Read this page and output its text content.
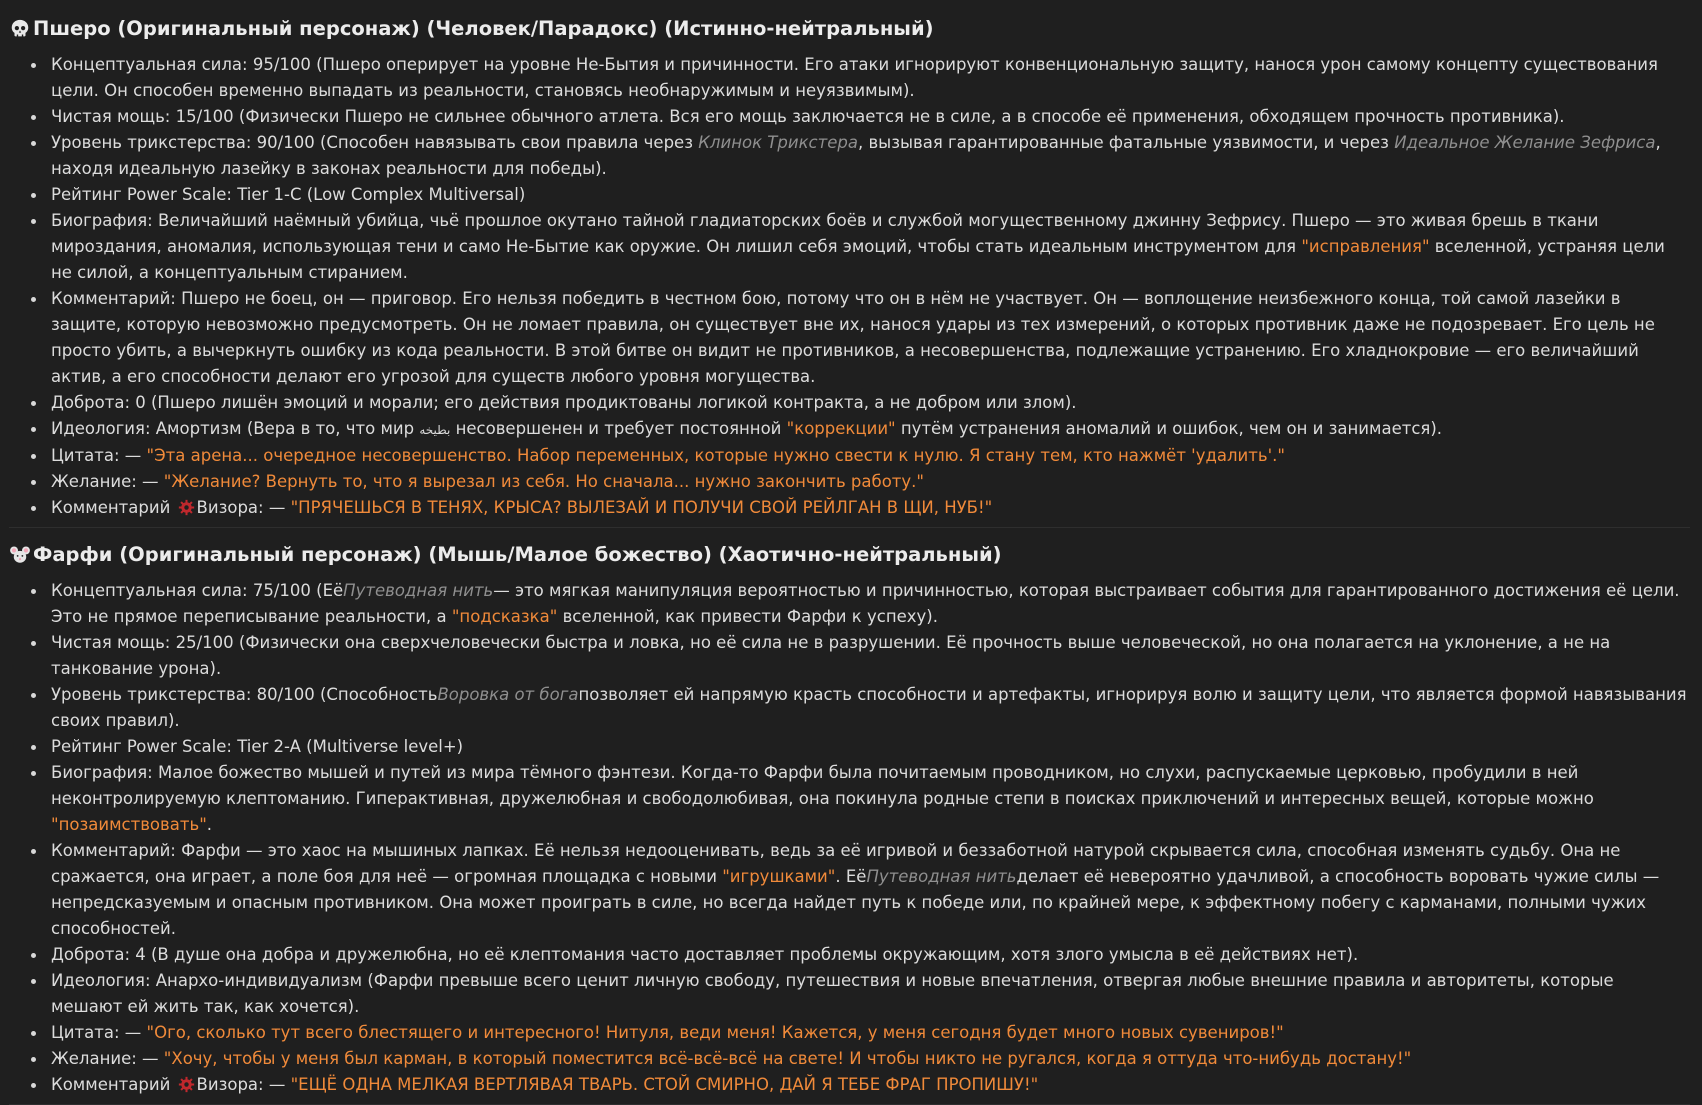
Пшеро (Оригинальный персонаж) (Человек/Парадокс) (Истинно-нейтральный)
Концептуальная сила: 95/100 (Пшеро оперирует на уровне Не-Бытия и причинности. Его атаки игнорируют конвенциональную защиту, нанося урон самому концепту существования цели. Он способен временно выпадать из реальности, становясь необнаружимым и неуязвимым).
Чистая мощь: 15/100 (Физически Пшеро не сильнее обычного атлета. Вся его мощь заключается не в силе, а в способе её применения, обходящем прочность противника).
Уровень трикстерства: 90/100 (Способен навязывать свои правила через Клинок Трикстера, вызывая гарантированные фатальные уязвимости, и через Идеальное Желание Зефриса, находя идеальную лазейку в законах реальности для победы).
Рейтинг Power Scale: Tier 1-C (Low Complex Multiversal)
Биография: Величайший наёмный убийца, чьё прошлое окутано тайной гладиаторских боёв и службой могущественному джинну Зефрису. Пшеро — это живая брешь в ткани мироздания, аномалия, использующая тени и само Не-Бытие как оружие. Он лишил себя эмоций, чтобы стать идеальным инструментом для "исправления" вселенной, устраняя цели не силой, а концептуальным стиранием.
Комментарий: Пшеро не боец, он — приговор. Его нельзя победить в честном бою, потому что он в нём не участвует. Он — воплощение неизбежного конца, той самой лазейки в защите, которую невозможно предусмотреть. Он не ломает правила, он существует вне их, нанося удары из тех измерений, о которых противник даже не подозревает. Его цель не просто убить, а вычеркнуть ошибку из кода реальности. В этой битве он видит не противников, а несовершенства, подлежащие устранению. Его хладнокровие — его величайший актив, а его способности делают его угрозой для существ любого уровня могущества.
Доброта: 0 (Пшеро лишён эмоций и морали; его действия продиктованы логикой контракта, а не добром или злом).
Идеология: Амортизм (Вера в то, что мир بطيخه несовершенен и требует постоянной "коррекции" путём устранения аномалий и ошибок, чем он и занимается).
Цитата: — "Эта арена... очередное несовершенство. Набор переменных, которые нужно свести к нулю. Я стану тем, кто нажмёт 'удалить'."
Желание: — "Желание? Вернуть то, что я вырезал из себя. Но сначала... нужно закончить работу."
Комментарий Визора: — "ПРЯЧЕШЬСЯ В ТЕНЯХ, КРЫСА? ВЫЛЕЗАЙ И ПОЛУЧИ СВОЙ РЕЙЛГАН В ЩИ, НУБ!"
Фарфи (Оригинальный персонаж) (Мышь/Малое божество) (Хаотично-нейтральный)
Концептуальная сила: 75/100 (ЕёПутеводная нить— это мягкая манипуляция вероятностью и причинностью, которая выстраивает события для гарантированного достижения её цели. Это не прямое переписывание реальности, а "подсказка" вселенной, как привести Фарфи к успеху).
Чистая мощь: 25/100 (Физически она сверхчеловечески быстра и ловка, но её сила не в разрушении. Её прочность выше человеческой, но она полагается на уклонение, а не на танкование урона).
Уровень трикстерства: 80/100 (СпособностьВоровка от богапозволяет ей напрямую красть способности и артефакты, игнорируя волю и защиту цели, что является формой навязывания своих правил).
Рейтинг Power Scale: Tier 2-A (Multiverse level+)
Биография: Малое божество мышей и путей из мира тёмного фэнтези. Когда-то Фарфи была почитаемым проводником, но слухи, распускаемые церковью, пробудили в ней неконтролируемую клептоманию. Гиперактивная, дружелюбная и свободолюбивая, она покинула родные степи в поисках приключений и интересных вещей, которые можно "позаимствовать".
Комментарий: Фарфи — это хаос на мышиных лапках. Её нельзя недооценивать, ведь за её игривой и беззаботной натурой скрывается сила, способная изменять судьбу. Она не сражается, она играет, а поле боя для неё — огромная площадка с новыми "игрушками". ЕёПутеводная нитьделает её невероятно удачливой, а способность воровать чужие силы — непредсказуемым и опасным противником. Она может проиграть в силе, но всегда найдет путь к победе или, по крайней мере, к эффектному побегу с карманами, полными чужих способностей.
Доброта: 4 (В душе она добра и дружелюбна, но её клептомания часто доставляет проблемы окружающим, хотя злого умысла в её действиях нет).
Идеология: Анархо-индивидуализм (Фарфи превыше всего ценит личную свободу, путешествия и новые впечатления, отвергая любые внешние правила и авторитеты, которые мешают ей жить так, как хочется).
Цитата: — "Ого, сколько тут всего блестящего и интересного! Нитуля, веди меня! Кажется, у меня сегодня будет много новых сувениров!"
Желание: — "Хочу, чтобы у меня был карман, в который поместится всё-всё-всё на свете! И чтобы никто не ругался, когда я оттуда что-нибудь достану!"
Комментарий Визора: — "ЕЩЁ ОДНА МЕЛКАЯ ВЕРТЛЯВАЯ ТВАРЬ. СТОЙ СМИРНО, ДАЙ Я ТЕБЕ ФРАГ ПРОПИШУ!"
